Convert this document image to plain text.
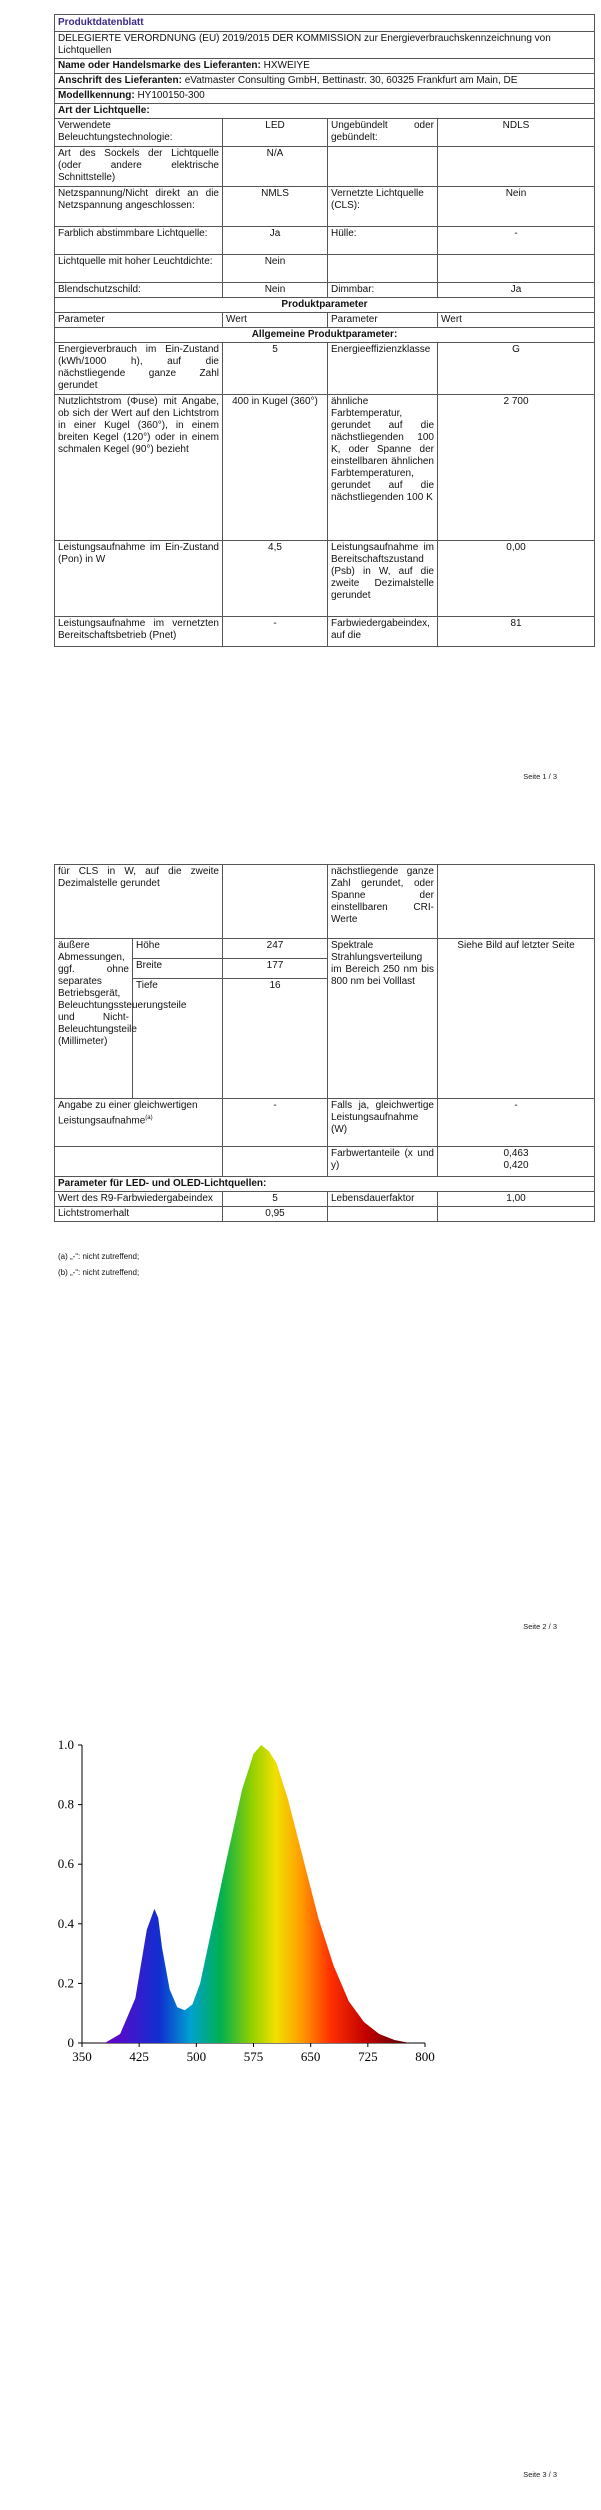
Produktdatenblatt			
DELEGIERTE VERORDNUNG (EU) 2019/2015 DER KOMMISSION zur Energieverbrauchskennzeichnung von Lichtquellen			
Name oder Handelsmarke des Lieferanten: HXWEIYE			
Anschrift des Lieferanten: eVatmaster Consulting GmbH, Bettinastr. 30, 60325 Frankfurt am Main, DE			
Modellkennung: HY100150-300			
Art der Lichtquelle:			
Verwendete Beleuchtungstechnologie:	LED	Ungebündelt oder gebündelt:	NDLS
Art des Sockels der Lichtquelle (oder andere elektrische Schnittstelle)	N/A		
Netzspannung/Nicht direkt an die Netzspannung angeschlossen:	NMLS	Vernetzte Lichtquelle (CLS):	Nein
Farblich abstimmbare Lichtquelle:	Ja	Hülle:	-
Lichtquelle mit hoher Leuchtdichte:	Nein		
Blendschutzschild:	Nein	Dimmbar:	Ja
Produktparameter			
Parameter	Wert	Parameter	Wert
Allgemeine Produktparameter:			
Energieverbrauch im Ein-Zustand (kWh/1000 h), auf die nächstliegende ganze Zahl gerundet	5	Energieeffizienzklasse	G
Nutzlichtstrom (Φuse) mit Angabe, ob sich der Wert auf den Lichtstrom in einer Kugel (360°), in einem breiten Kegel (120°) oder in einem schmalen Kegel (90°) bezieht	400 in Kugel (360°)	ähnliche Farbtemperatur, gerundet auf die nächstliegenden 100 K, oder Spanne der einstellbaren ähnlichen Farbtemperaturen, gerundet auf die nächstliegenden 100 K	2 700
Leistungsaufnahme im Ein-Zustand (Pon) in W	4,5	Leistungsaufnahme im Bereitschaftszustand (Psb) in W, auf die zweite Dezimalstelle gerundet	0,00
Leistungsaufnahme im vernetzten Bereitschaftsbetrieb (Pnet)	-	Farbwiedergabeindex, auf die	81
Seite 1 / 3
für CLS in W, auf die zweite Dezimalstelle gerundet			nächstliegende ganze Zahl gerundet, oder Spanne der einstellbaren CRI-Werte	
äußere Abmessungen, ggf. ohne separates Betriebsgerät, Beleuchtungssteuerungsteile und Nicht-Beleuchtungsteile (Millimeter)	Höhe	247	Spektrale Strahlungsverteilung im Bereich 250 nm bis 800 nm bei Volllast	Siehe Bild auf letzter Seite
	Breite	177		
	Tiefe	16		
Angabe zu einer gleichwertigen Leistungsaufnahme$^{(a)}$		-	Falls ja, gleichwertige Leistungsaufnahme (W)	-
			Farbwertanteile (x und y)	0,463
0,420

Parameter für LED- und OLED-Lichtquellen:				
Wert des R9-Farbwiedergabeindex		5	Lebensdauerfaktor	1,00
Lichtstromerhalt		0,95		
(a) „-“: nicht zutreffend;
(b) „-“: nicht zutreffend;
Seite 2 / 3
Seite 3 / 3
350	425	500	575	650	725	800
0
0.2
0.4
0.6
0.8
1.0
